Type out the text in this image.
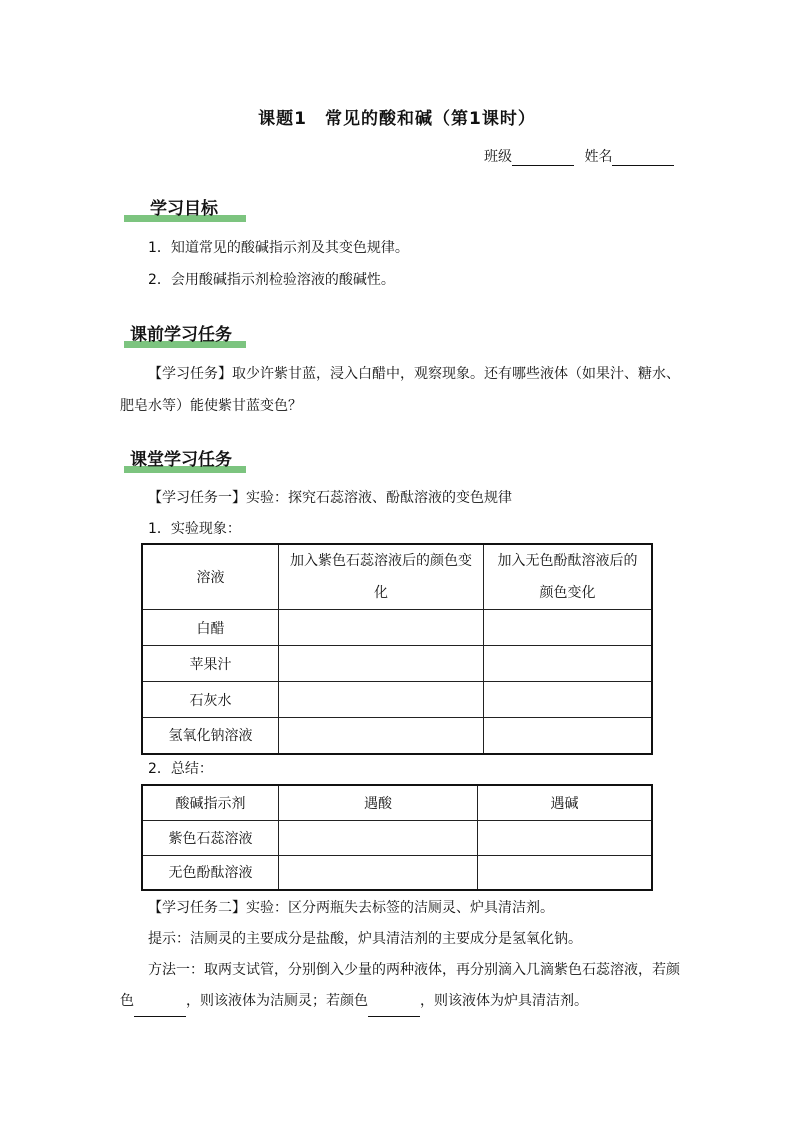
课题1　常见的酸和碱（第1课时）
班级	姓名
学习目标
1．知道常见的酸碱指示剂及其变色规律。
2．会用酸碱指示剂检验溶液的酸碱性。
课前学习任务
【学习任务】取少许紫甘蓝，浸入白醋中，观察现象。还有哪些液体（如果汁、糖水、肥皂水等）能使紫甘蓝变色？
课堂学习任务
【学习任务一】实验：探究石蕊溶液、酚酞溶液的变色规律
1．实验现象：
溶液	加入紫色石蕊溶液后的颜色变化	加入无色酚酞溶液后的颜色变化
白醋		
苹果汁		
石灰水		
氢氧化钠溶液		
2．总结：
酸碱指示剂	遇酸	遇碱
紫色石蕊溶液		
无色酚酞溶液		
【学习任务二】实验：区分两瓶失去标签的洁厕灵、炉具清洁剂。
提示：洁厕灵的主要成分是盐酸，炉具清洁剂的主要成分是氢氧化钠。
方法一：取两支试管，分别倒入少量的两种液体，再分别滴入几滴紫色石蕊溶液，若颜
色	，则该液体为洁厕灵；若颜色	，则该液体为炉具清洁剂。
